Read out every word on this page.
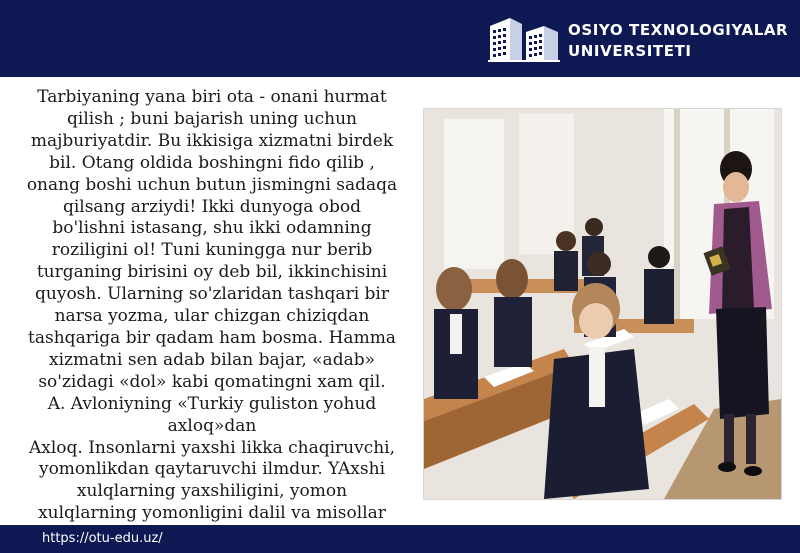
OSIYO TEXNOLOGIYALAR
UNIVERSITETI

Tarbiyaning yana biri ota - onani hurmat
qilish ; buni bajarish uning uchun
majburiyatdir. Bu ikkisiga xizmatni birdek
bil. Otang oldida boshingni fido qilib ,
onang boshi uchun butun jismingni sadaqa
qilsang arziydi! Ikki dunyoga obod
bo'lishni istasang, shu ikki odamning
roziligini ol! Tuni kuningga nur berib
turganing birisini oy deb bil, ikkinchisini
quyosh. Ularning so'zlaridan tashqari bir
narsa yozma, ular chizgan chiziqdan
tashqariga bir qadam ham bosma. Hamma
xizmatni sen adab bilan bajar, «adab»
so'zidagi «dol» kabi qomatingni xam qil.
A. Avloniyning «Turkiy guliston yohud
axloq»dan
Axloq. Insonlarni yaxshi likka chaqiruvchi,
yomonlikdan qaytaruvchi ilmdur. YAxshi
xulqlarning yaxshiligini, yomon
xulqlarning yomonligini dalil va misollar

https://otu-edu.uz/
